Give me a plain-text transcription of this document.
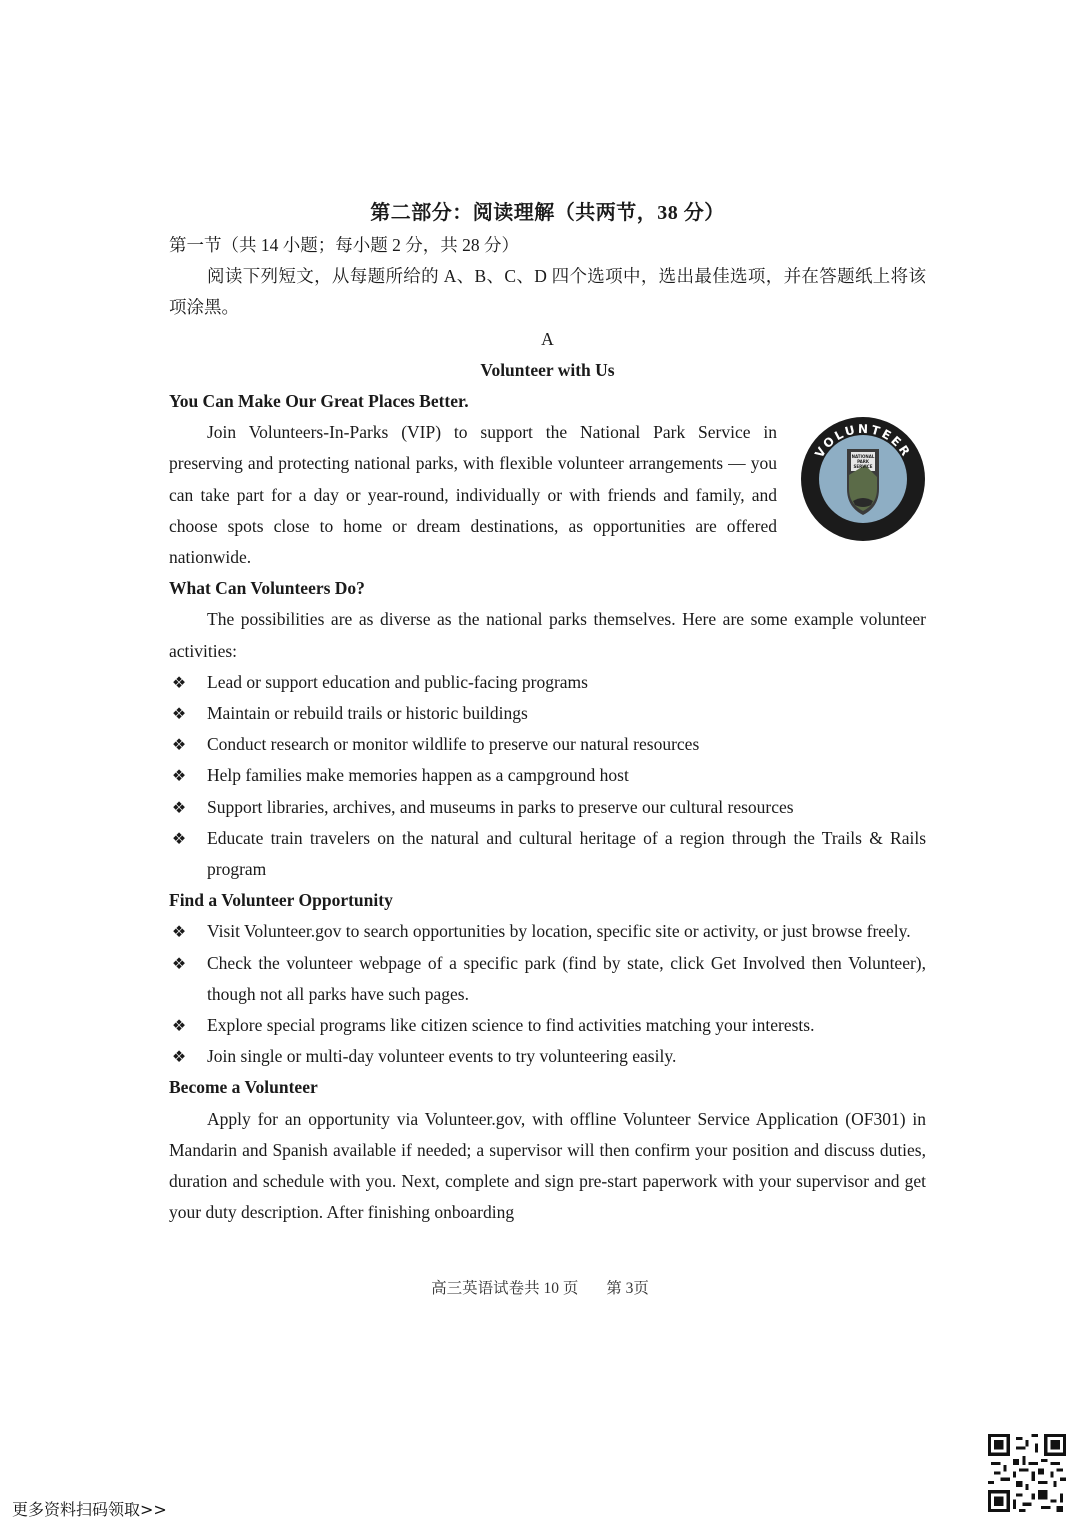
第二部分：阅读理解（共两节，38 分）
第一节（共 14 小题；每小题 2 分，共 28 分）
阅读下列短文，从每题所给的 A、B、C、D 四个选项中，选出最佳选项，并在答题纸上将该项涂黑。
A
Volunteer with Us
You Can Make Our Great Places Better.
Join Volunteers-In-Parks (VIP) to support the National Park Service in preserving and protecting national parks, with flexible volunteer arrangements — you can take part for a day or year-round, individually or with friends and family, and choose spots close to home or dream destinations, as opportunities are offered nationwide.
VOLUNTEER
NATIONAL
PARK
SERVICE
What Can Volunteers Do?
The possibilities are as diverse as the national parks themselves. Here are some example volunteer activities:
❖ Lead or support education and public-facing programs
❖ Maintain or rebuild trails or historic buildings
❖ Conduct research or monitor wildlife to preserve our natural resources
❖ Help families make memories happen as a campground host
❖ Support libraries, archives, and museums in parks to preserve our cultural resources
❖ Educate train travelers on the natural and cultural heritage of a region through the Trails & Rails program
Find a Volunteer Opportunity
❖ Visit Volunteer.gov to search opportunities by location, specific site or activity, or just browse freely.
❖ Check the volunteer webpage of a specific park (find by state, click Get Involved then Volunteer), though not all parks have such pages.
❖ Explore special programs like citizen science to find activities matching your interests.
❖ Join single or multi-day volunteer events to try volunteering easily.
Become a Volunteer
Apply for an opportunity via Volunteer.gov, with offline Volunteer Service Application (OF301) in Mandarin and Spanish available if needed; a supervisor will then confirm your position and discuss duties, duration and schedule with you. Next, complete and sign pre-start paperwork with your supervisor and get your duty description. After finishing onboarding
高三英语试卷共 10 页 第 3页
更多资料扫码领取>>
